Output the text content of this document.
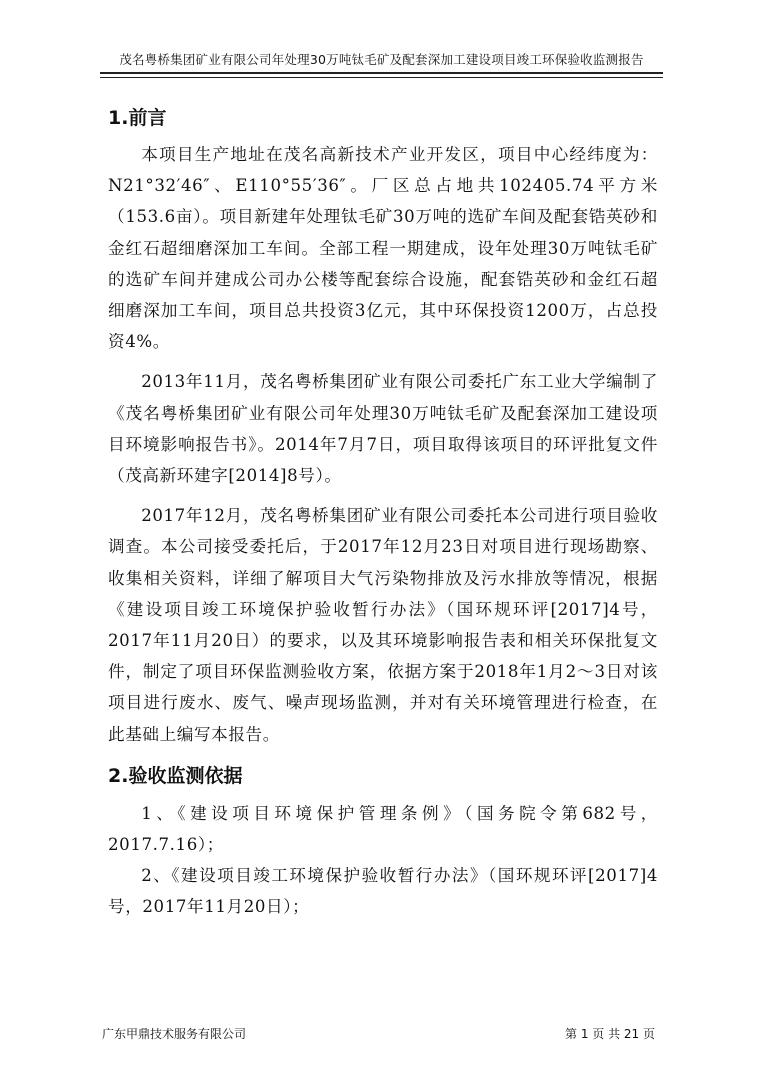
茂名粤桥集团矿业有限公司年处理30万吨钛毛矿及配套深加工建设项目竣工环保验收监测报告
1.前言

本项目生产地址在茂名高新技术产业开发区，项目中心经纬度为：N21°32′46″、E110°55′36″。厂区总占地共102405.74平方米（153.6亩）。项目新建年处理钛毛矿30万吨的选矿车间及配套锆英砂和金红石超细磨深加工车间。全部工程一期建成，设年处理30万吨钛毛矿的选矿车间并建成公司办公楼等配套综合设施，配套锆英砂和金红石超细磨深加工车间，项目总共投资3亿元，其中环保投资1200万，占总投资4%。

2013年11月，茂名粤桥集团矿业有限公司委托广东工业大学编制了《茂名粤桥集团矿业有限公司年处理30万吨钛毛矿及配套深加工建设项目环境影响报告书》。2014年7月7日，项目取得该项目的环评批复文件（茂高新环建字[2014]8号）。

2017年12月，茂名粤桥集团矿业有限公司委托本公司进行项目验收调查。本公司接受委托后，于2017年12月23日对项目进行现场勘察、收集相关资料，详细了解项目大气污染物排放及污水排放等情况，根据《建设项目竣工环境保护验收暂行办法》（国环规环评[2017]4号，2017年11月20日）的要求，以及其环境影响报告表和相关环保批复文件，制定了项目环保监测验收方案，依据方案于2018年1月2～3日对该项目进行废水、废气、噪声现场监测，并对有关环境管理进行检查，在此基础上编写本报告。

2.验收监测依据

1、《建设项目环境保护管理条例》（国务院令第682号，2017.7.16）；

2、《建设项目竣工环境保护验收暂行办法》（国环规环评[2017]4号，2017年11月20日）；

广东甲鼎技术服务有限公司	第 1 页 共 21 页
